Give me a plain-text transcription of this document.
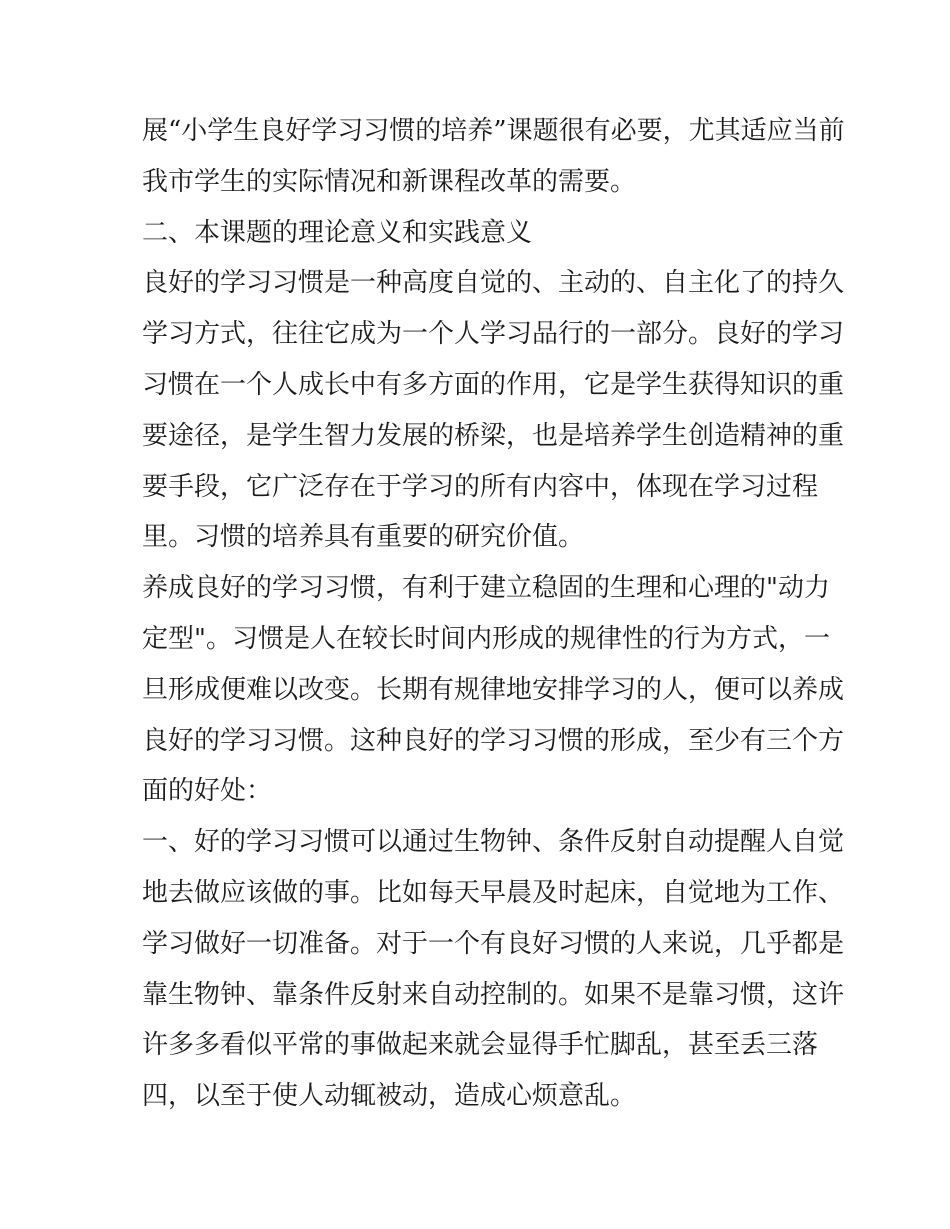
展“小学生良好学习习惯的培养”课题很有必要，尤其适应当前
我市学生的实际情况和新课程改革的需要。
二、本课题的理论意义和实践意义
良好的学习习惯是一种高度自觉的、主动的、自主化了的持久
学习方式，往往它成为一个人学习品行的一部分。良好的学习
习惯在一个人成长中有多方面的作用，它是学生获得知识的重
要途径，是学生智力发展的桥梁，也是培养学生创造精神的重
要手段，它广泛存在于学习的所有内容中，体现在学习过程
里。习惯的培养具有重要的研究价值。
养成良好的学习习惯，有利于建立稳固的生理和心理的"动力
定型"。习惯是人在较长时间内形成的规律性的行为方式，一
旦形成便难以改变。长期有规律地安排学习的人，便可以养成
良好的学习习惯。这种良好的学习习惯的形成，至少有三个方
面的好处：
一、好的学习习惯可以通过生物钟、条件反射自动提醒人自觉
地去做应该做的事。比如每天早晨及时起床，自觉地为工作、
学习做好一切准备。对于一个有良好习惯的人来说，几乎都是
靠生物钟、靠条件反射来自动控制的。如果不是靠习惯，这许
许多多看似平常的事做起来就会显得手忙脚乱，甚至丢三落
四，以至于使人动辄被动，造成心烦意乱。
